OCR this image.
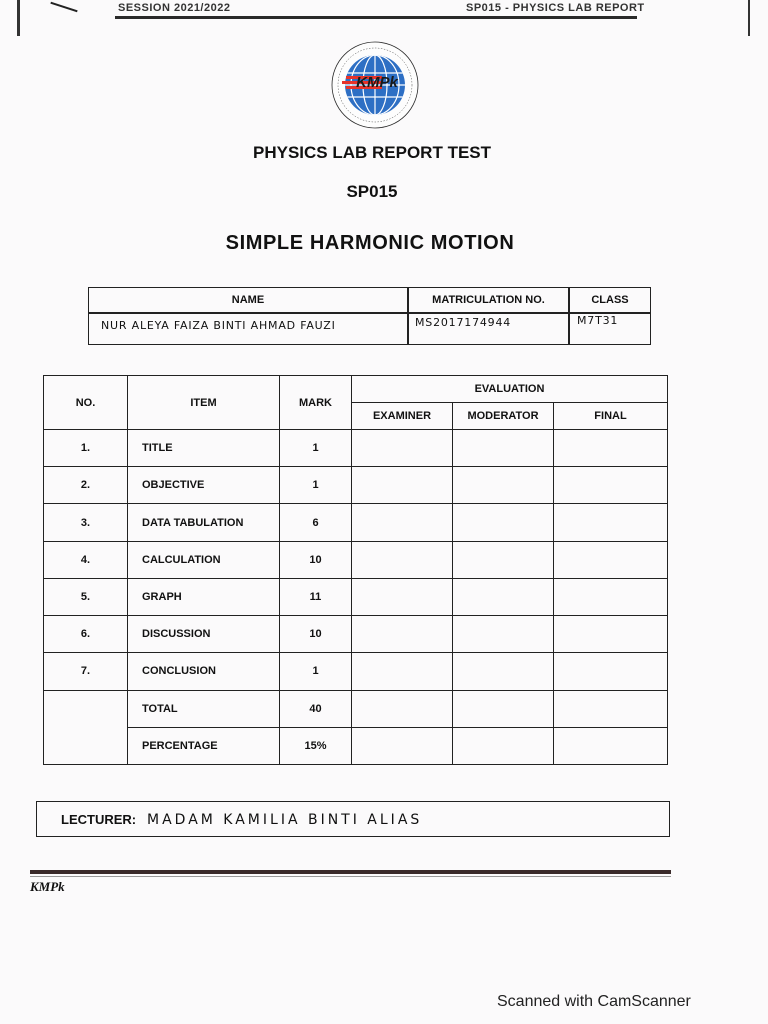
SESSION 2021/2022	SP015 - PHYSICS LAB REPORT
KMPk
PHYSICS LAB REPORT TEST
SP015
SIMPLE HARMONIC MOTION
NAME	MATRICULATION NO.	CLASS
NUR ALEYA FAIZA BINTI AHMAD FAUZI	MS2017174944	M7T31
NO.	ITEM	MARK	EVALUATION		
			EXAMINER	MODERATOR	FINAL
1.	TITLE	1			
2.	OBJECTIVE	1			
3.	DATA TABULATION	6			
4.	CALCULATION	10			
5.	GRAPH	11			
6.	DISCUSSION	10			
7.	CONCLUSION	1			
	TOTAL	40			
	PERCENTAGE	15%			
LECTURER: MADAM KAMILIA BINTI ALIAS
KMPk
Scanned with CamScanner
